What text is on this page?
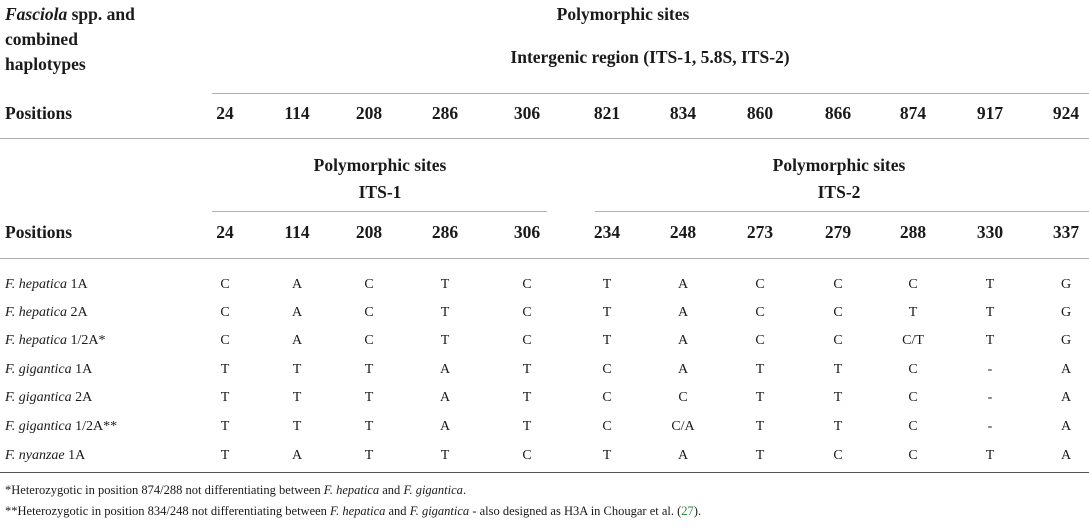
Fasciola spp. and
combined
haplotypes
Polymorphic sites
Intergenic region (ITS-1, 5.8S, ITS-2)
Positions	24	114	208	286	306	821	834	860	866	874	917	924
Polymorphic sites
ITS-1
Polymorphic sites
ITS-2
Positions	24	114	208	286	306	234	248	273	279	288	330	337
F. hepatica 1A	C	A	C	T	C	T	A	C	C	C	T	G
F. hepatica 2A	C	A	C	T	C	T	A	C	C	T	T	G
F. hepatica 1/2A*	C	A	C	T	C	T	A	C	C	C/T	T	G
F. gigantica 1A	T	T	T	A	T	C	A	T	T	C	-	A
F. gigantica 2A	T	T	T	A	T	C	C	T	T	C	-	A
F. gigantica 1/2A**	T	T	T	A	T	C	C/A	T	T	C	-	A
F. nyanzae 1A	T	A	T	T	C	T	A	T	C	C	T	A
*Heterozygotic in position 874/288 not differentiating between F. hepatica and F. gigantica.
**Heterozygotic in position 834/248 not differentiating between F. hepatica and F. gigantica - also designed as H3A in Chougar et al. (27).
